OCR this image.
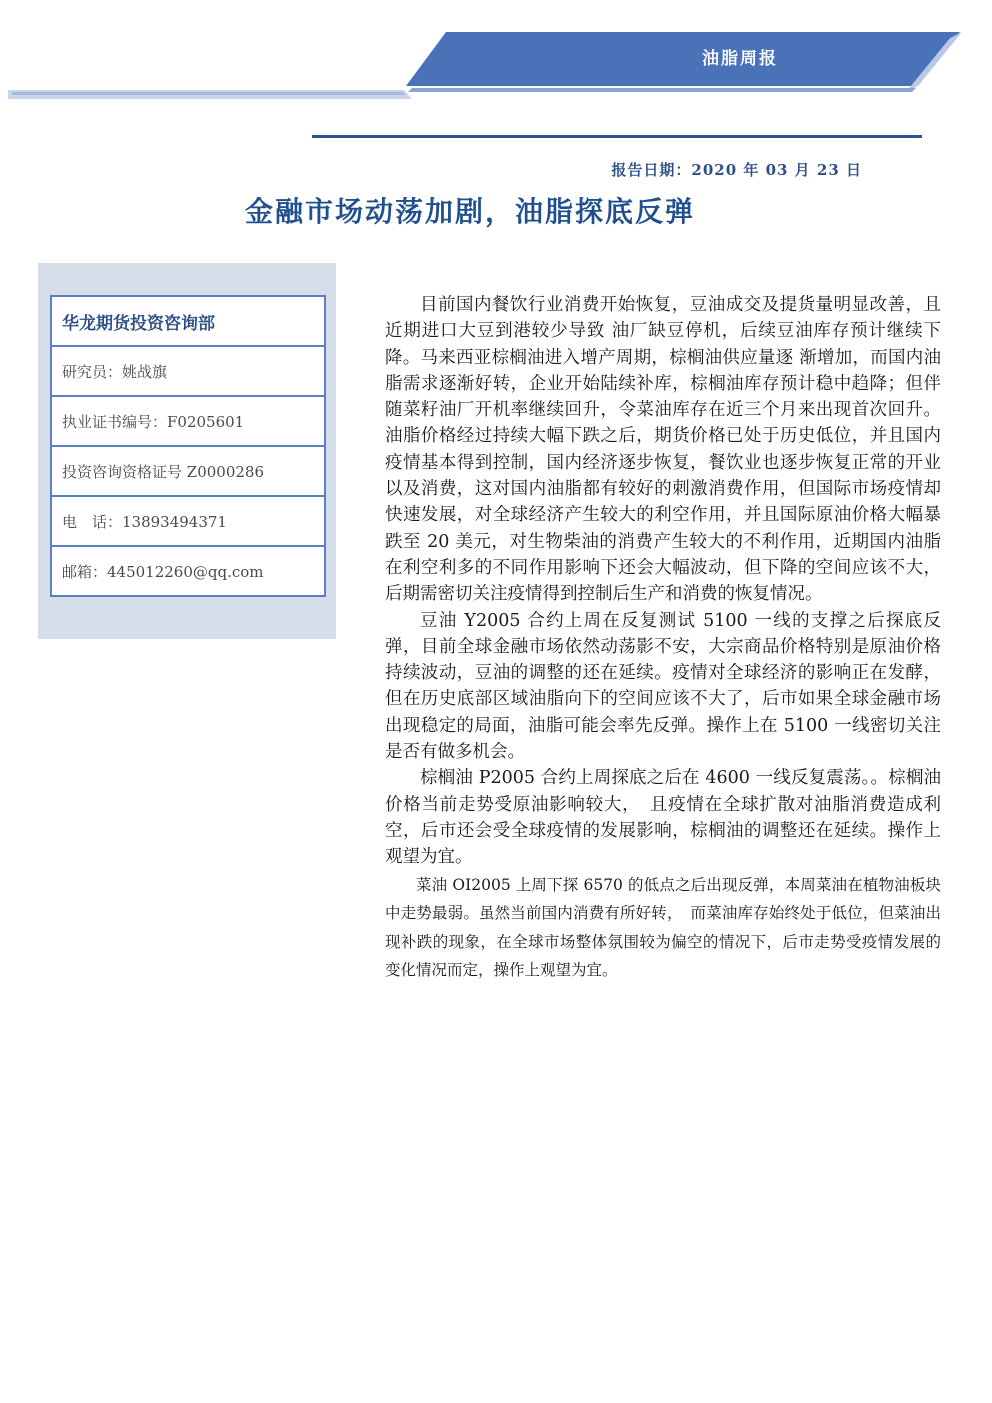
油脂周报
报告日期：2020 年 03 月 23 日
金融市场动荡加剧，油脂探底反弹
华龙期货投资咨询部
研究员：姚战旗
执业证书编号：F0205601
投资咨询资格证号 Z0000286
电　话：13893494371
邮箱：445012260@qq.com

目前国内餐饮行业消费开始恢复，豆油成交及提货量明显改善，且近期进口大豆到港较少导致 油厂缺豆停机，后续豆油库存预计继续下降。马来西亚棕榈油进入增产周期，棕榈油供应量逐 渐增加，而国内油脂需求逐渐好转，企业开始陆续补库，棕榈油库存预计稳中趋降；但伴随菜籽油厂开机率继续回升，令菜油库存在近三个月来出现首次回升。油脂价格经过持续大幅下跌之后，期货价格已处于历史低位，并且国内疫情基本得到控制，国内经济逐步恢复，餐饮业也逐步恢复正常的开业以及消费，这对国内油脂都有较好的刺激消费作用，但国际市场疫情却快速发展，对全球经济产生较大的利空作用，并且国际原油价格大幅暴跌至 20 美元，对生物柴油的消费产生较大的不利作用，近期国内油脂在利空利多的不同作用影响下还会大幅波动，但下降的空间应该不大，后期需密切关注疫情得到控制后生产和消费的恢复情况。

豆油 Y2005 合约上周在反复测试 5100 一线的支撑之后探底反弹，目前全球金融市场依然动荡影不安，大宗商品价格特别是原油价格持续波动，豆油的调整的还在延续。疫情对全球经济的影响正在发酵，但在历史底部区域油脂向下的空间应该不大了，后市如果全球金融市场出现稳定的局面，油脂可能会率先反弹。操作上在 5100 一线密切关注是否有做多机会。

棕榈油 P2005 合约上周探底之后在 4600 一线反复震荡。。棕榈油价格当前走势受原油影响较大，　且疫情在全球扩散对油脂消费造成利空，后市还会受全球疫情的发展影响，棕榈油的调整还在延续。操作上观望为宜。

菜油 OI2005 上周下探 6570 的低点之后出现反弹，本周菜油在植物油板块中走势最弱。虽然当前国内消费有所好转，　而菜油库存始终处于低位，但菜油出现补跌的现象，在全球市场整体氛围较为偏空的情况下，后市走势受疫情发展的变化情况而定，操作上观望为宜。
